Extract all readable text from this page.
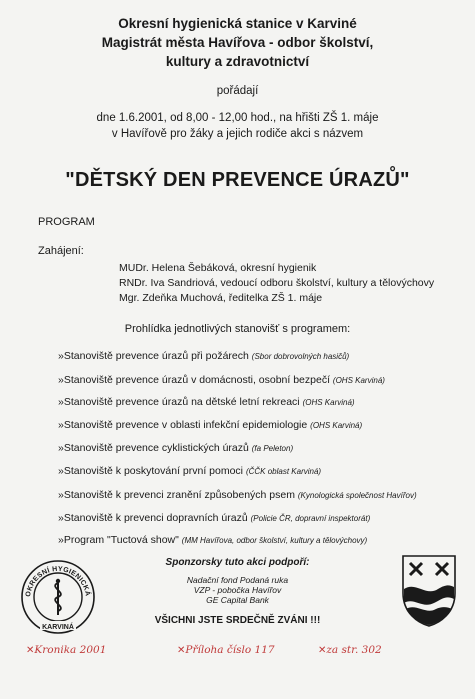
Okresní hygienická stanice v Karviné
Magistrát města Havířova - odbor školství,
kultury a zdravotnictví
pořádají
dne 1.6.2001, od 8,00 - 12,00 hod., na hřišti ZŠ 1. máje
v Havířově pro žáky a jejich rodiče akci s názvem
"DĚTSKÝ DEN PREVENCE ÚRAZŮ"
PROGRAM
Zahájení:
MUDr. Helena Šebáková, okresní hygienik
RNDr. Iva Sandriová, vedoucí odboru školství, kultury a tělovýchovy
Mgr. Zdeňka Muchová, ředitelka ZŠ 1. máje
Prohlídka jednotlivých stanovišť s programem:
»Stanoviště prevence úrazů při požárech (Sbor dobrovolných hasičů)
»Stanoviště prevence úrazů v domácnosti, osobní bezpečí (OHS Karviná)
»Stanoviště prevence úrazů na dětské letní rekreaci (OHS Karviná)
»Stanoviště prevence v oblasti infekční epidemiologie (OHS Karviná)
»Stanoviště prevence cyklistických úrazů (fa Peleton)
»Stanoviště k poskytování první pomoci (ČČK oblast Karviná)
»Stanoviště k prevenci zranění způsobených psem (Kynologická společnost Havířov)
»Stanoviště k prevenci dopravních úrazů (Policie ČR, dopravní inspektorát)
»Program "Tuctová show" (MM Havířova, odbor školství, kultury a tělovýchovy)
Sponzorsky tuto akci podpoří:
Nadační fond Podaná ruka
VZP - pobočka Havířov
GE Capital Bank
VŠICHNI JSTE SRDEČNĚ ZVÁNI !!!
OKRESNÍ HYGIENICKÁ
KARVINÁ
✕Kronika 2001	✕Příloha číslo 117	✕za str. 302
